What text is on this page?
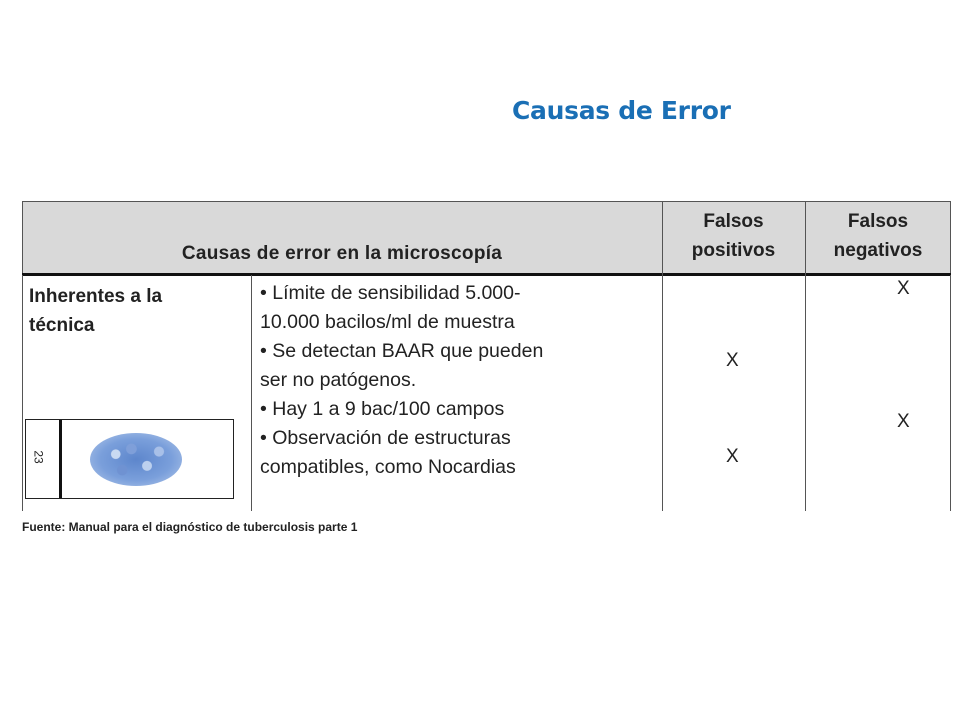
Causas de Error
Causas de error en la microscopía
Falsos
positivos
Falsos
negativos
Inherentes a la
técnica
• Límite de sensibilidad 5.000-
10.000 bacilos/ml de muestra
• Se detectan BAAR que pueden
ser no patógenos.
• Hay 1 a 9 bac/100 campos
• Observación de estructuras
compatibles, como Nocardias
X
X
X
X
23
Fuente: Manual para el diagnóstico de tuberculosis parte 1
